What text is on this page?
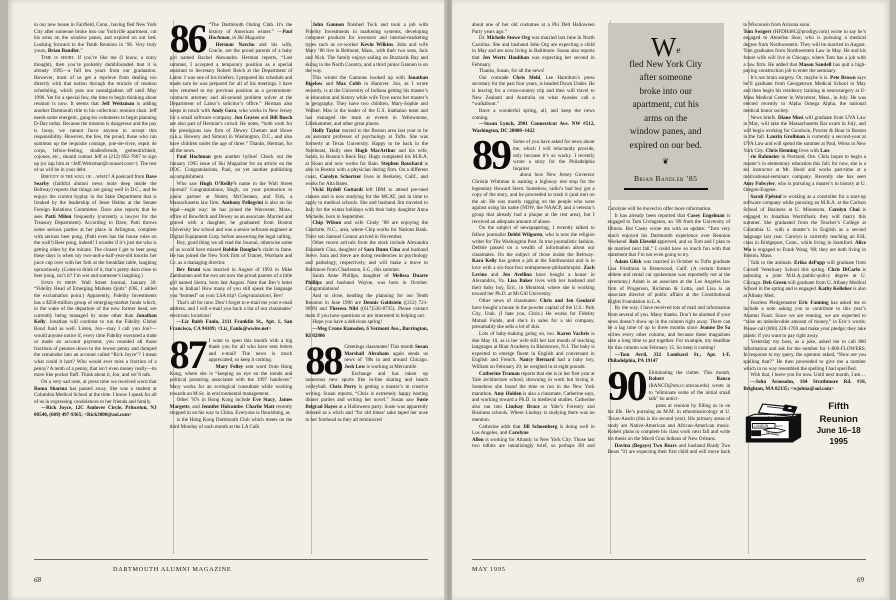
in our new house in Fairfield, Conn., having fled New York City after someone broke into our Yorkville apartment, cut his arms on the window panes, and expired on our bed. Looking forward to the Tenth Reunion in ’96. Very truly yours, Brian Bandler.”

Time is short. If you’re like me (I know, a scary thought), then you’re probably dumbfounded that it is already 1995—a full ten years from our graduation. However, most of us get a reprieve from dealing too directly with that notion through the miracle of reunion scheduling, which puts our nostalgiathon off until May 1996. Yet for a special few, the time to begin thinking about reunion is now. It seems that Jeff Weitzman is adding another Dartmouth title to his collection: reunion chair. Jeff needs some energetic, gung-ho volunteers to begin planning D-Day today. Because the mission is dangerous and the pay is lousy, we cannot force anyone to accept this responsibility. However, the few, the proud, those who can summon up the requisite courage, joie-de-vivre, esprit de corps, fellow-feeling, shadenfreude, gemeutlichkeit, cojones, etc., should contact Jeff at (212) 692-7667 to sign up (or zap him at <Jeff.Weitzman@counsel.com>). The rest of us will be in your debt.

Brevity is the soul of…what? A postcard from Dave Searby (faithful alumni news mole deep inside the Beltway) reports that things are going well in D.C., and he enjoys the current byplay in the State Department that is freaked by the leadership of Jesse Helms at the Senate Foreign Relations Committee. Dave also reports that he sees Patti Milon frequently (currently a lawyer for the Treasury Department). According to Dave, Patti throws some serious parties at her place in Arlington, complete with serious beer pong. (Patti even has the house rules on the wall!) Beer pong, indeed! I wonder if it’s just me who is getting older by the minute. The closest I get to beer pong these days is when my two-and-a-half-year-old knocks her juice cup over with her fork at the breakfast table, laughing uproariously. (Come to think of it, that’s pretty darn close to beer pong, isn’t it? I’m wet and someone’s laughing.)

Stats in brief. Wall Street Journal, January 30: “Fidelity Head of Emerging Markets Quits” (OK, I added the exclamation point.) Apparently, Fidelity Investments has a $250-million group of emerging-market funds which, in the wake of the departure of the now former head, are currently being managed by none other than Jonathan Kelly. Jonathan will continue to run the Fidelity Global Bond fund as well. Listen, Jon—may I call you Jon?—would anyone notice if, every time Fidelity executed a trade or made an account payment, you rounded all those fractions of pennies down to the lowest penny and dumped the remainder into an account called “Rick Joyce”? I mean what could it hurt? Who would ever miss a fraction of a penny? A tenth of a penny, that isn’t even money really—its more like pocket fluff. Think about it, Jon, and we’ll talk.

On a very sad note, at press time we received word that Roma Sharma has passed away. She was a student at Columbia Medical School at the time. I know I speak for all of us in expressing condolences to her friends and family.

—Rick Joyce, 12C Andover Circle, Princeton, NJ 08540, (609) 497-9365; <Rick3000@aol.com>

86 “The Dartmouth Outing Club. It’s the history of American winter.” —Paul Hochman, in Ski Magazine

Herman Narcho and his wife, Gracie, are the proud parents of a baby girl named Rachel Alexandra. Herman reports, “Last summer, I accepted a temporary position as a special assistant to Secretary Robert Reich at the Department of Labor. I was one of his briefers. I prepared his schedule and made sure he was prepared for all of his meetings. I have now returned to my previous position as a government-contracts attorney and all-around problem solver at the Department of Labor’s solicitor’s office.” Herman also keeps in touch with Andy Gora, who works in New Jersey for a small software company. Jon Graves and Bill Bosch are also part of Herman’s crowd. He notes, “both work for the prestigious law firm of Dewey Chetum and Howe (a.k.a. Howery and Simon) in Washington, D.C., and also have children under the age of three.” Thanks, Herman, for all the news.

Paul Hochman gets another byline! Check out the January 1995 issue of Ski Magazine for an article on the DOC. Congratulations, Paul, on yet another publishing accomplishment.

Who saw Hugh O’Reilly’s name in the Wall Street Journal? Congratulations, Hugh, on your promotion to junior partner at Nutter, McClennen, and Fish, a Massachusetts law firm. Anthony Pellegrini is also on his legal—eagle way: he has joined the Worcester, Mass., office of Bowditch and Dewey as an associate. Married and graced with a daughter, he graduated from Boston University law school and was a senior software engineer at Digital Equipment Corp. before answering the legal calling.

Boy, good thing we all read the Journal, otherwise some of us would have missed Robbie Douglas’s claim to fame. He has joined the New York firm of Trainer, Wortham and Co. as a managing director.

Bev Bruni was married in August of 1993 to Mike Zambarano and the two are now the proud parents of a little girl named Sierra, born last August. Note that Bev’s letter was in Italian! How many of you still speak the language you “learned” on your LSA trip? Congratulazioni, Bev!

That’s all for now. Don’t forget to e-mail me your e-mail address, and I will e-mail you back a list of our classmates’ electronic locations!

—Liz Babb Fanlo, 2111 Franklin St., Apt. 1, San Francisco, CA 94109; <Liz_Fanlo@wwire.net>

87 I want to open this month with a big thank you for all who have sent letters and e-mail! The news is much appreciated, so keep it coming.

Mary Felley sent word from Hong Kong, where she is “keeping an eye on the trends and political posturing associated with the 1997 handover.” Mary works for an ecological consultant while working towards an M.Sc. in environmental management.

Other ’87s in Hong Kong include Eve Stacy, James Margetts, and Jennifer Holcombe. Charlie Matt recently stopped in on his way to China. Everyone is flourishing, as

is the Hong Kong Dartmouth Club which meets on the third Monday of each month at the LA Café.

John Gannon finished Tuck and took a job with Fidelity Investments in marketing systems, developing computer products for investors and internal-marketing types such as co-worker Kevin Wilkins. John and wife Mary ’86 live in Belmont, Mass., with their two sons, Jack and Nick. The family enjoys sailing on Buzzards Bay and skiing in the North Country, and a third junior Gannon is on the way.

This winter the Gannons hooked up with Jonathan Bigelow and Max Cobb in Hanover. Jon, as I wrote recently, is at the University of Indiana getting his master’s in education and history while wife Tove earns her master’s in geography. They have two children, Mary-Sophie and Walker. Max is the leader of the U.S. biathalon team and has managed the team at events in Yellowstone, Lillehammer, and other great places.

Holly Taylor moved to the Boston area last year to be an assistant professor of psychology at Tufts. She was formerly at Texas University. Happy to be back in the Northeast, Holly sees Hugh MacArthur and his wife, Sarah, in Boston’s Back Bay. Hugh completed his M.B.A. at Sloan and now works for Bain. Stephen Bouchard is also in Boston with a physician during firm. On a different coast, Carolyn Schertzer lives in Berkeley, Calif., and works for Alta Bates.

Vicki Rydell Gottardi left IBM to attend pre-med classes and is now studying for the MCAT, just in time to apply to medical schools. She and husband Jim traveled to Italy for the winter holidays with their baby daughter Anna Michelle, born in September.

Chip Wilson and wife Cindy ’88 are enjoying the Charlotte, N.C., area, where Chip works for Nations Bank. Their son Samuel Connor arrived in November.

Other recent arrivals from the stork include Alexandra Elisabeth Cina, daughter of Sara Dunn Cina and husband Steve. Sara and Steve are doing residencies in psychology and pathology, respectively, and will make a move to Baltimore from Charleston, S.C., this summer.

Sarah Anne Phillips, daughter of Melissa Duarte Phillips and husband Wayne, was born in October. Congratulations!

And to close, heading the planning for our Tenth Reunion in June 1996 are Dennis Goldstein ((212) 721-9099) and Theresa Nibi ((617)536-8735). Please contact them if you have questions or are interested in helping out.

Hope you have a delicious spring!

—Meg Crone Ramsden, 6 Vermont Ave., Barrington, RI 02806

88 Greetings classmates! This month Susan Marshall Abraham again sends us news of ’88s in and around Chicago. Josh Low is working at Mercantile

Exchange and has taken up numerous new sports like in-line skating and beach volleyball. Chris Perry is getting a master’s in creative writing. Susan reports, “Chris is extremely happy hosting dinner parties and writing her novel.” Susan saw Susie Belgrad Hayes at a Halloween party. Susie was apparently dressed as a witch and “for old times’ sake taped her nose to her forehead as they all reminisced

DARTMOUTH ALUMNI MAGAZINE
68

about one of her old costumes at a Phi Delt Halloween Party years ago.”

Dr. Michelle Stowe Org was married last June in North Carolina. She and husband John Org are expecting a child in May and are now living in Baltimore. Susan also reports that Jen Wertz Houlihan was expecting her second in February.

Thanks, Susan, for all the news!

Our comrade Chris Mehl, Lee Hamilton’s press secretary for the past four years, is headed Down Under. He is leaving for a cross-country trip and then will travel to New Zealand and Australia on what Aussies call a “walkabout.”

Have a wonderful spring, all, and keep the news coming.

—Susan Lynch, 2901 Connecticut Ave. NW #512, Washington, DC 20008–1422

89 Some of you have asked for news about me, which I will reluctantly provide, only because it’s so wacky. I recently wrote a story for the Philadelphia Inquirer

about how New Jersey Governor Christie Whitman is naming a highway rest stop for the legendary Howard Stern. Somehow, radio’s bad boy got a copy of the story, and he proceeded to trash it (and me) on the air. He was mostly ragging on the people who were against using his name (NOW, the NAACP, and a veteran’s group that already had a plaque at the rest area), but I received an adequate amount of abuse.

On the subject of newspapering, I recently talked to fellow journalist Debbi Wilgoren, who is now the religion writer for The Washington Post. In true journalistic fashion, Debbie passed on a wealth of information about our classmates. On the subject of those inside the Beltway: Kara Kelly has gotten a job at the Smithsonian and is in love with a six-foot-four entrepreneur-philanthropist. Zach Levine and Jen Avellino have bought a house in Alexandria, Va. Lisa Baker lives with her husband and their baby boy, Eric, in Montreal, where she is working toward her Ph.D. at McGill University.

Other news of classmates: Chris and Jen Goulard have bought a house in the powder capital of the U.S.: Park City, Utah. (I hate you, Chris.) He works for Fidelity Mutual Funds, and she’s in sales for a ski company, presumably she sells a lot of skis.

Lots of baby-making going on, too. Karen Vachris is due May 10, as is her wife still her last month of teaching languages at Blair Academy in Blairstown, N.J. The baby is expected to emerge fluent in English and conversant in English and French. Nancy Bernard had a baby boy, William on February 20; he weighed in at eight pounds.

Catherine Truman reports that she is in her first year at Yale architecture school, drowning in work but loving it. Somehow she found the time to run in the New York marathon. Amy Holden is also a classmate, Catherine says, and working toward a Ph.D. in medieval studies. Catherine also ran into Lindsay Brace at Yale’s Forestry and Business schools. Where Lindsay is studying there was no mention.

Catherine adds that Jill Schoenberg is doing well in Los Angeles, and Carolyne

We
fled New York City
after someone
broke into our
apartment, cut his
arms on the
window panes, and
expired on our bed.
❦
Brian Bandler ’85

Allen is working for Atlantic in New York City. Those last two tidbits are tantalizingly brief, so perhaps Jill and Carolyne will be moved to offer more information.

It has already been reported that Casey Engelman is engaged to Tom Livingston, an ’89 from the University of Illinois. But Casey wrote me with an update: “Tom very much enjoyed his Dartmouth experience over Reunion Weekend. Rob Eleveld approved, and so Tom and I plan to be married next fall.” I could have so much fun with that statement that I’m not even going to try.

Adam Glick was married in October to Tufts graduate Lisa Friedman in Brentwood, Calif. (A certain former athlete and rental car spokesman was reportedly not at the ceremony.) Adam is an associate at the Los Angeles law firm of Progerson, Richman & Lutta, and Lisa is an associate director of public affairs at the Constitutional Rights Foundation in L.A.

By the way, I have received lots of mail and information from several of you. Many thanks. Don’t be alarmed if your news doesn’t show up in the column right away. There can be a lag time of up to three months since Jeanne De Sa writes every other column, and because these magazines take a long time to put together. For example, my deadline for this column was February 15. So keep it coming!

—Tom Avril, 332 Lombard St., Apt. 1-F, Philadelphia, PA 19147

90 Eliminating the clutter. This month, Robert Ranco (RANCO@uts.cc.utexas.edu) wrote in to “eliminate some of the initial small talk” he antici-

pates at reunion by filling us in on his life. He’s pursuing an M.M. in ethnomusicology at U. Texas-Austin (this is his second year). His primary areas of study are Native-American and African-American music. Robert plans to complete his class work next fall and write his thesis on the Mardi Gras Indians of New Orleans.

Davina (Begaye) Two Bears and husband Brady Two Bears ’91 are expecting their first child and will move back to Wisconsin from Arizona soon.

Tom Swigert (HFDH48C@prodigy.com) wrote to say he’s engaged to Annelise Skor, who is pursuing a medical degree from Northwestern. They will be married in August. Tom graduates from Northwestern Law in May. He and his future wife will live in Chicago, where Tom has a job with a law firm. He added that Mason Sandell has quit a high-paying construction job to enter the seminary.

It’s not brain surgery. Or, maybe it is. Pete Brown says he’ll graduate from Georgetown Medical School in May and then begin his residency training in neurosurgery at U-Mass Medical Center in Worcester, Mass., in July. He was elected recently to Alpha Omega Alpha, the national medical honor society.

News briefs. Diane Musi will graduate from UVA Law in May, will take the Massachusetts Bar exam in July, and will begin working for Goodwin, Procter & Hoar in Boston in the fall. Laurin Grollman is currently a second-year at UVA Law and will spend the summer at Paul, Weiss in New York City. Chris Henning lives with Lau-

rie Rahmeier in Portland, Ore. Chris hopes to begin a master’s in elementary education this fall; for now, she is a ski instructor at Mt. Hood and works part-time at a motivational-seminars company. Recently she has seen Amy Fulwyler, who is pursuing a master’s in history at U. Oregon-Eugene.

Sarah Fjelstul is working as a controller for a start-up software company while pursuing an M.B.A. at the Carlson School of Business at U. Minnesota. Carolyn Choi is engaged to Jonathan Wormflash; they will marry this summer. She graduated from the Teacher’s College at Columbia U. with a master’s in English as a second language last year. Carolyn is currently teaching an ESL class in Bridgeport, Conn., while living in Stamford. Alice Wu is engaged to Frank Wang ’88; they are both living in Boston, Mass.

Talk to the animals. Erika dePapp will graduate from Cornell Veterinary School this spring. Chris DiCarlo is pursuing a joint M.B.A./public-policy degree at U. Chicago. Deb Green will graduate from U. Albany Medical School in the spring and is engaged. Kathy Kelleher is also at Albany Med.

Fearless Pledgemaster Eric Fanning has asked me to include a note asking you to contribute to this year’s Alumni Fund. Since we are reuning, we are expected to “raise an unbelievable amount of money,” in Eric’s words. Please call (800) 228-1769 and make your pledge; they take plastic if you want to pay right away.

Yesterday my boss, as a joke, asked me to call 800 information and ask for the number for 1-800-FLOWERS. In response to my query, the operator asked, “How are you spelling that?” He then proceeded to give me a number which in no way resembled the spelling I had specified.

With that, I leave you for now. Until next month, I am…

—John Aronsohn, 164 Strathmore Rd. #18, Brighton, MA 02135; <wjohna@aol.com>

LONDON Paris
San Francisco
Fifth
Reunion
June 16–18
1995
MAY 1995
69
